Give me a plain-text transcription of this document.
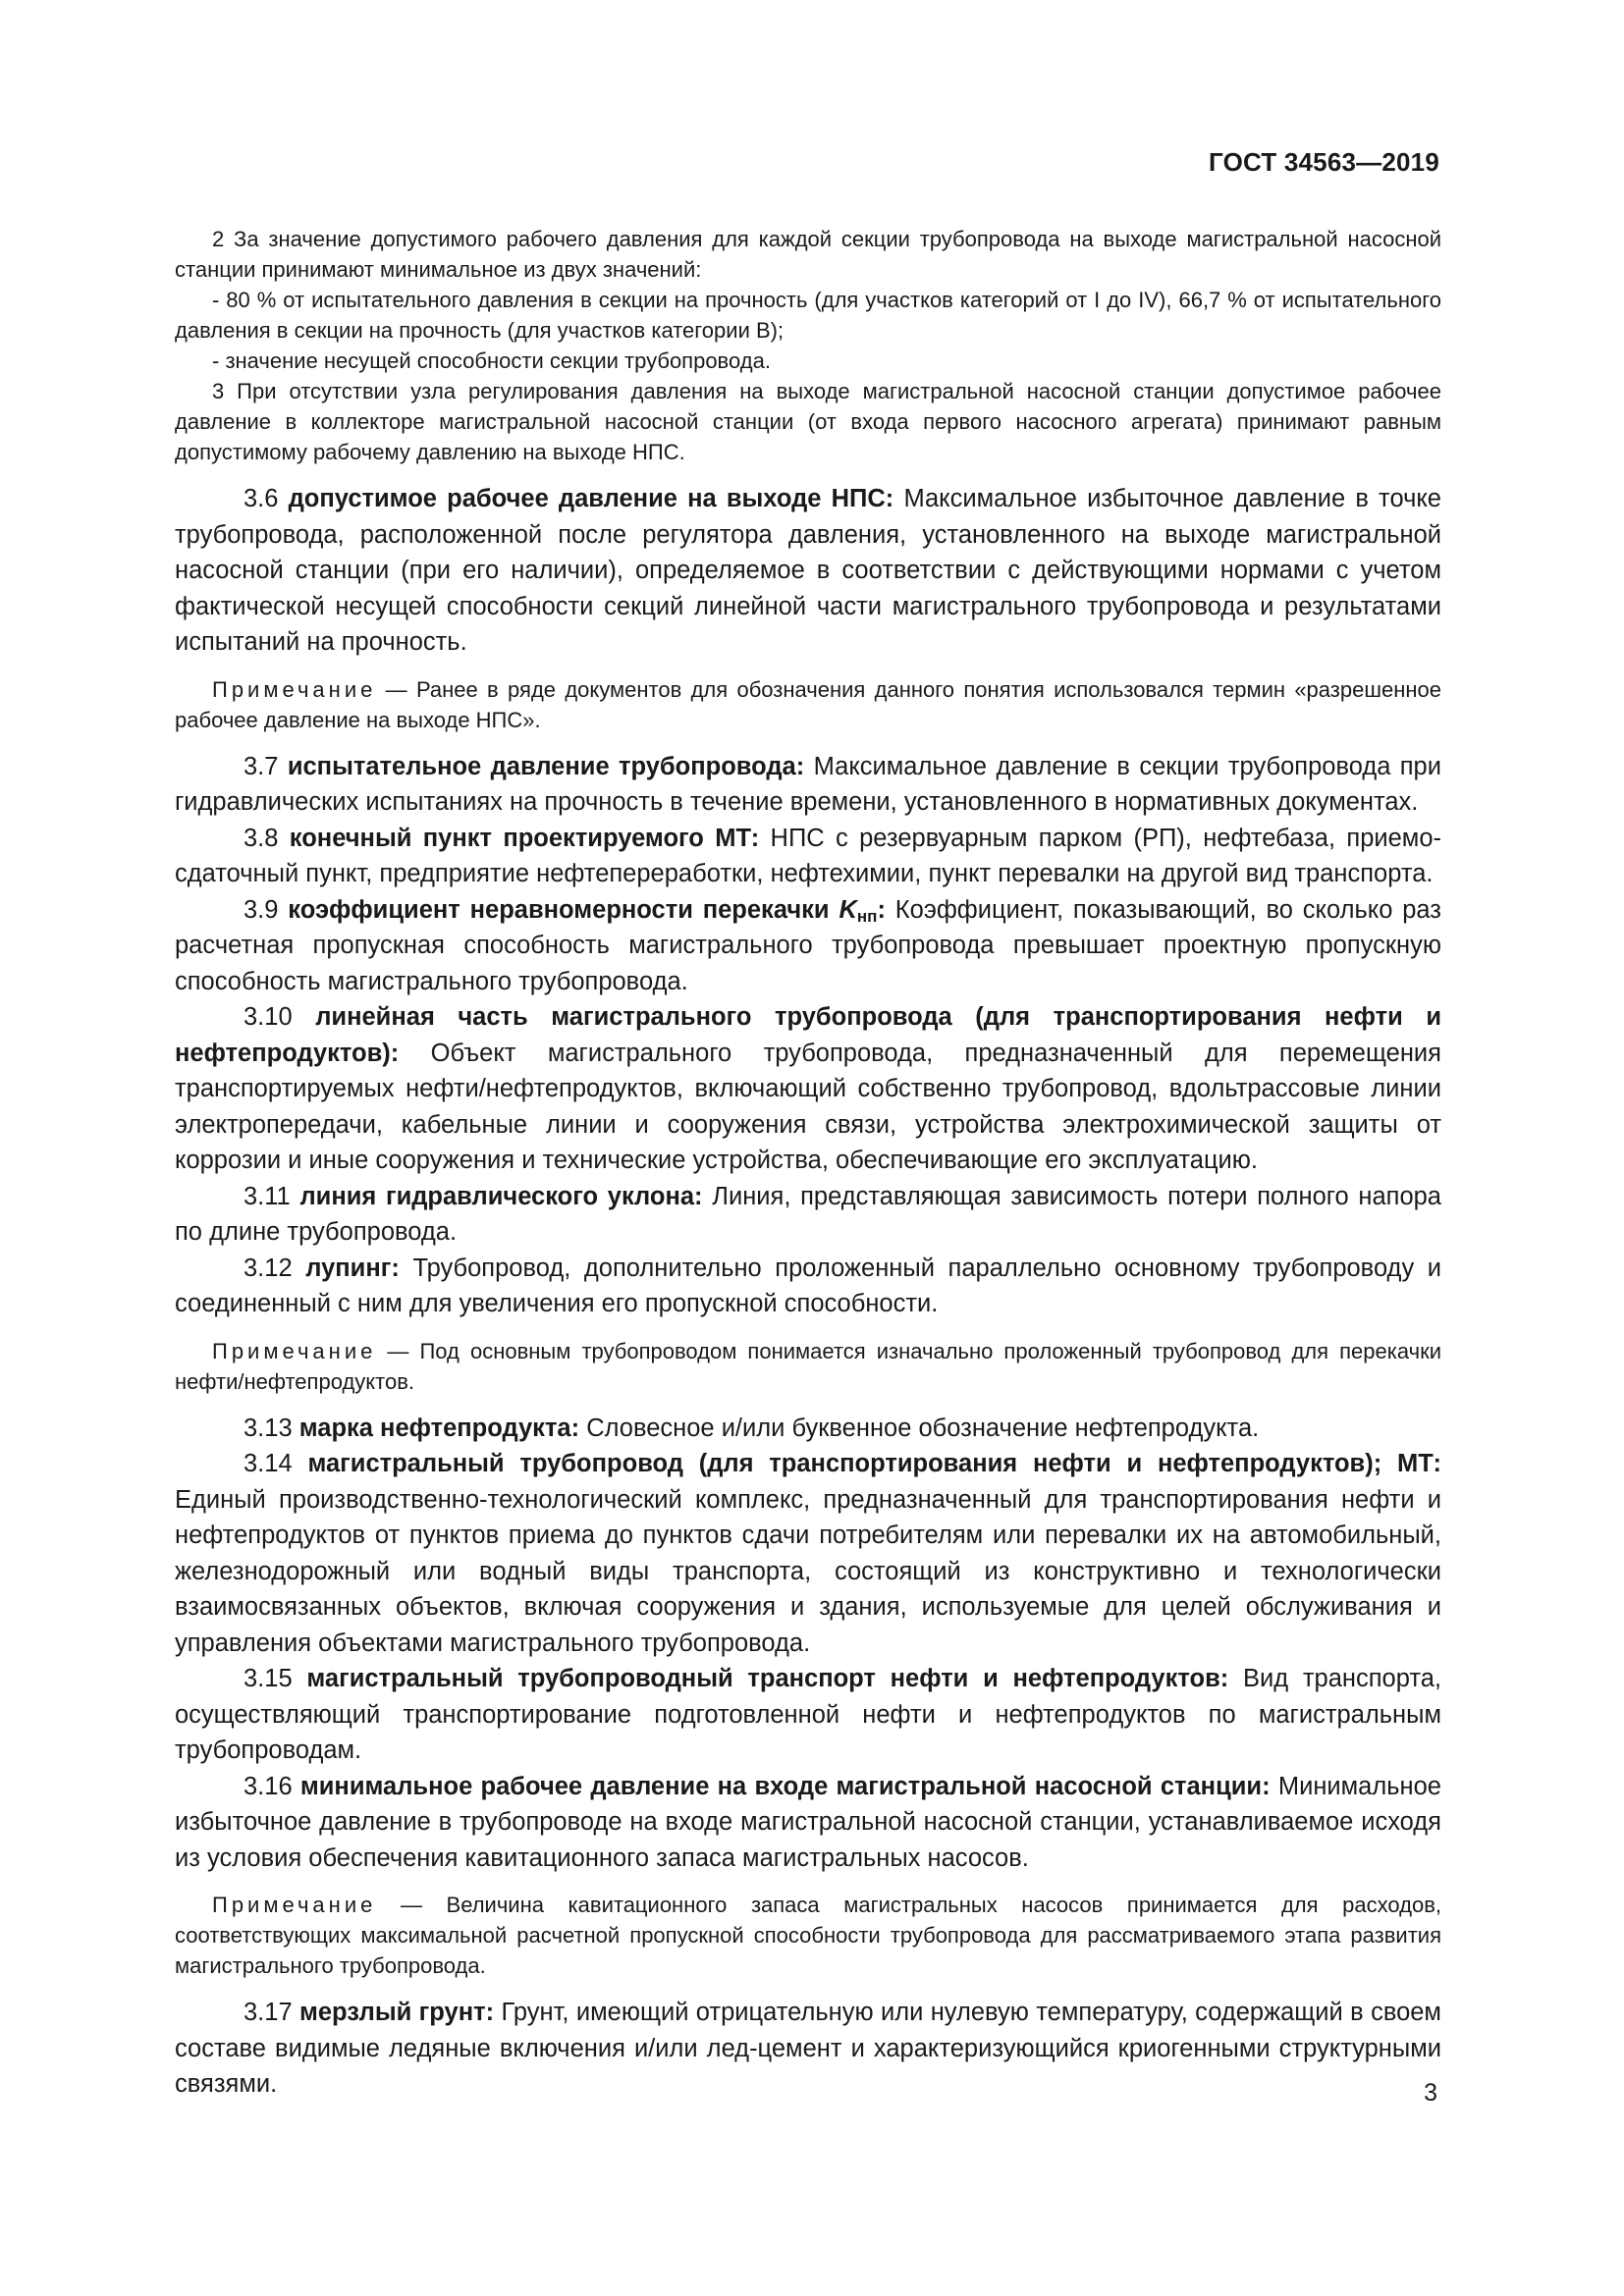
ГОСТ 34563—2019

2 За значение допустимого рабочего давления для каждой секции трубопровода на выходе магистральной насосной станции принимают минимальное из двух значений:

- 80 % от испытательного давления в секции на прочность (для участков категорий от I до IV), 66,7 % от испытательного давления в секции на прочность (для участков категории В);

- значение несущей способности секции трубопровода.

3 При отсутствии узла регулирования давления на выходе магистральной насосной станции допустимое рабочее давление в коллекторе магистральной насосной станции (от входа первого насосного агрегата) принимают равным допустимому рабочему давлению на выходе НПС.

3.6 допустимое рабочее давление на выходе НПС: Максимальное избыточное давление в точке трубопровода, расположенной после регулятора давления, установленного на выходе магистральной насосной станции (при его наличии), определяемое в соответствии с действующими нормами с учетом фактической несущей способности секций линейной части магистрального трубопровода и результатами испытаний на прочность.

Примечание — Ранее в ряде документов для обозначения данного понятия использовался термин «разрешенное рабочее давление на выходе НПС».

3.7 испытательное давление трубопровода: Максимальное давление в секции трубопровода при гидравлических испытаниях на прочность в течение времени, установленного в нормативных документах.

3.8 конечный пункт проектируемого МТ: НПС с резервуарным парком (РП), нефтебаза, приемо-сдаточный пункт, предприятие нефтепереработки, нефтехимии, пункт перевалки на другой вид транспорта.

3.9 коэффициент неравномерности перекачки $K_{нп}$: Коэффициент, показывающий, во сколько раз расчетная пропускная способность магистрального трубопровода превышает проектную пропускную способность магистрального трубопровода.

3.10 линейная часть магистрального трубопровода (для транспортирования нефти и нефтепродуктов): Объект магистрального трубопровода, предназначенный для перемещения транспортируемых нефти/нефтепродуктов, включающий собственно трубопровод, вдольтрассовые линии электропередачи, кабельные линии и сооружения связи, устройства электрохимической защиты от коррозии и иные сооружения и технические устройства, обеспечивающие его эксплуатацию.

3.11 линия гидравлического уклона: Линия, представляющая зависимость потери полного напора по длине трубопровода.

3.12 лупинг: Трубопровод, дополнительно проложенный параллельно основному трубопроводу и соединенный с ним для увеличения его пропускной способности.

Примечание — Под основным трубопроводом понимается изначально проложенный трубопровод для перекачки нефти/нефтепродуктов.

3.13 марка нефтепродукта: Словесное и/или буквенное обозначение нефтепродукта.

3.14 магистральный трубопровод (для транспортирования нефти и нефтепродуктов); МТ: Единый производственно-технологический комплекс, предназначенный для транспортирования нефти и нефтепродуктов от пунктов приема до пунктов сдачи потребителям или перевалки их на автомобильный, железнодорожный или водный виды транспорта, состоящий из конструктивно и технологически взаимосвязанных объектов, включая сооружения и здания, используемые для целей обслуживания и управления объектами магистрального трубопровода.

3.15 магистральный трубопроводный транспорт нефти и нефтепродуктов: Вид транспорта, осуществляющий транспортирование подготовленной нефти и нефтепродуктов по магистральным трубопроводам.

3.16 минимальное рабочее давление на входе магистральной насосной станции: Минимальное избыточное давление в трубопроводе на входе магистральной насосной станции, устанавливаемое исходя из условия обеспечения кавитационного запаса магистральных насосов.

Примечание — Величина кавитационного запаса магистральных насосов принимается для расходов, соответствующих максимальной расчетной пропускной способности трубопровода для рассматриваемого этапа развития магистрального трубопровода.

3.17 мерзлый грунт: Грунт, имеющий отрицательную или нулевую температуру, содержащий в своем составе видимые ледяные включения и/или лед-цемент и характеризующийся криогенными структурными связями.	3
